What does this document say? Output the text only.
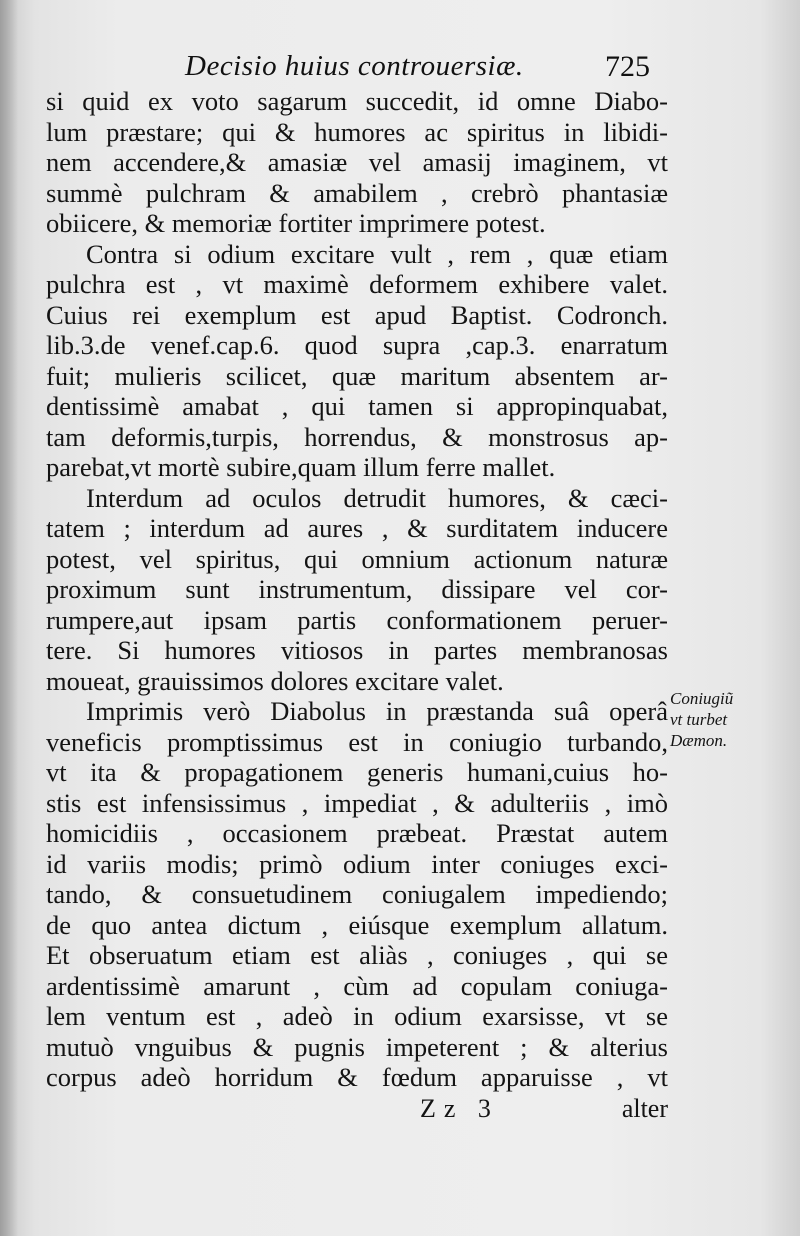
Decisio huius controuersiæ.	725
si quid ex voto sagarum succedit, id omne Diabo-
lum præstare; qui & humores ac spiritus in libidi-
nem accendere,& amasiæ vel amasij imaginem, vt
summè pulchram & amabilem , crebrò phantasiæ
obiicere, & memoriæ fortiter imprimere potest.
Contra si odium excitare vult , rem , quæ etiam
pulchra est , vt maximè deformem exhibere valet.
Cuius rei exemplum est apud Baptist. Codronch.
lib.3.de venef.cap.6. quod supra ,cap.3. enarratum
fuit; mulieris scilicet, quæ maritum absentem ar-
dentissimè amabat , qui tamen si appropinquabat,
tam deformis,turpis, horrendus, & monstrosus ap-
parebat,vt mortè subire,quam illum ferre mallet.
Interdum ad oculos detrudit humores, & cæci-
tatem ; interdum ad aures , & surditatem inducere
potest, vel spiritus, qui omnium actionum naturæ
proximum sunt instrumentum, dissipare vel cor-
rumpere,aut ipsam partis conformationem peruer-
tere. Si humores vitiosos in partes membranosas
moueat, grauissimos dolores excitare valet.
Imprimis verò Diabolus in præstanda suâ operâ
veneficis promptissimus est in coniugio turbando,
vt ita & propagationem generis humani,cuius ho-
stis est infensissimus , impediat , & adulteriis , imò
homicidiis , occasionem præbeat. Præstat autem
id variis modis; primò odium inter coniuges exci-
tando, & consuetudinem coniugalem impediendo;
de quo antea dictum , eiúsque exemplum allatum.
Et obseruatum etiam est aliàs , coniuges , qui se
ardentissimè amarunt , cùm ad copulam coniuga-
lem ventum est , adeò in odium exarsisse, vt se
mutuò vnguibus & pugnis impeterent ; & alterius
corpus adeò horridum & fœdum apparuisse , vt
Coniugiũ
vt turbet
Dæmon.
Zz 3	alter
